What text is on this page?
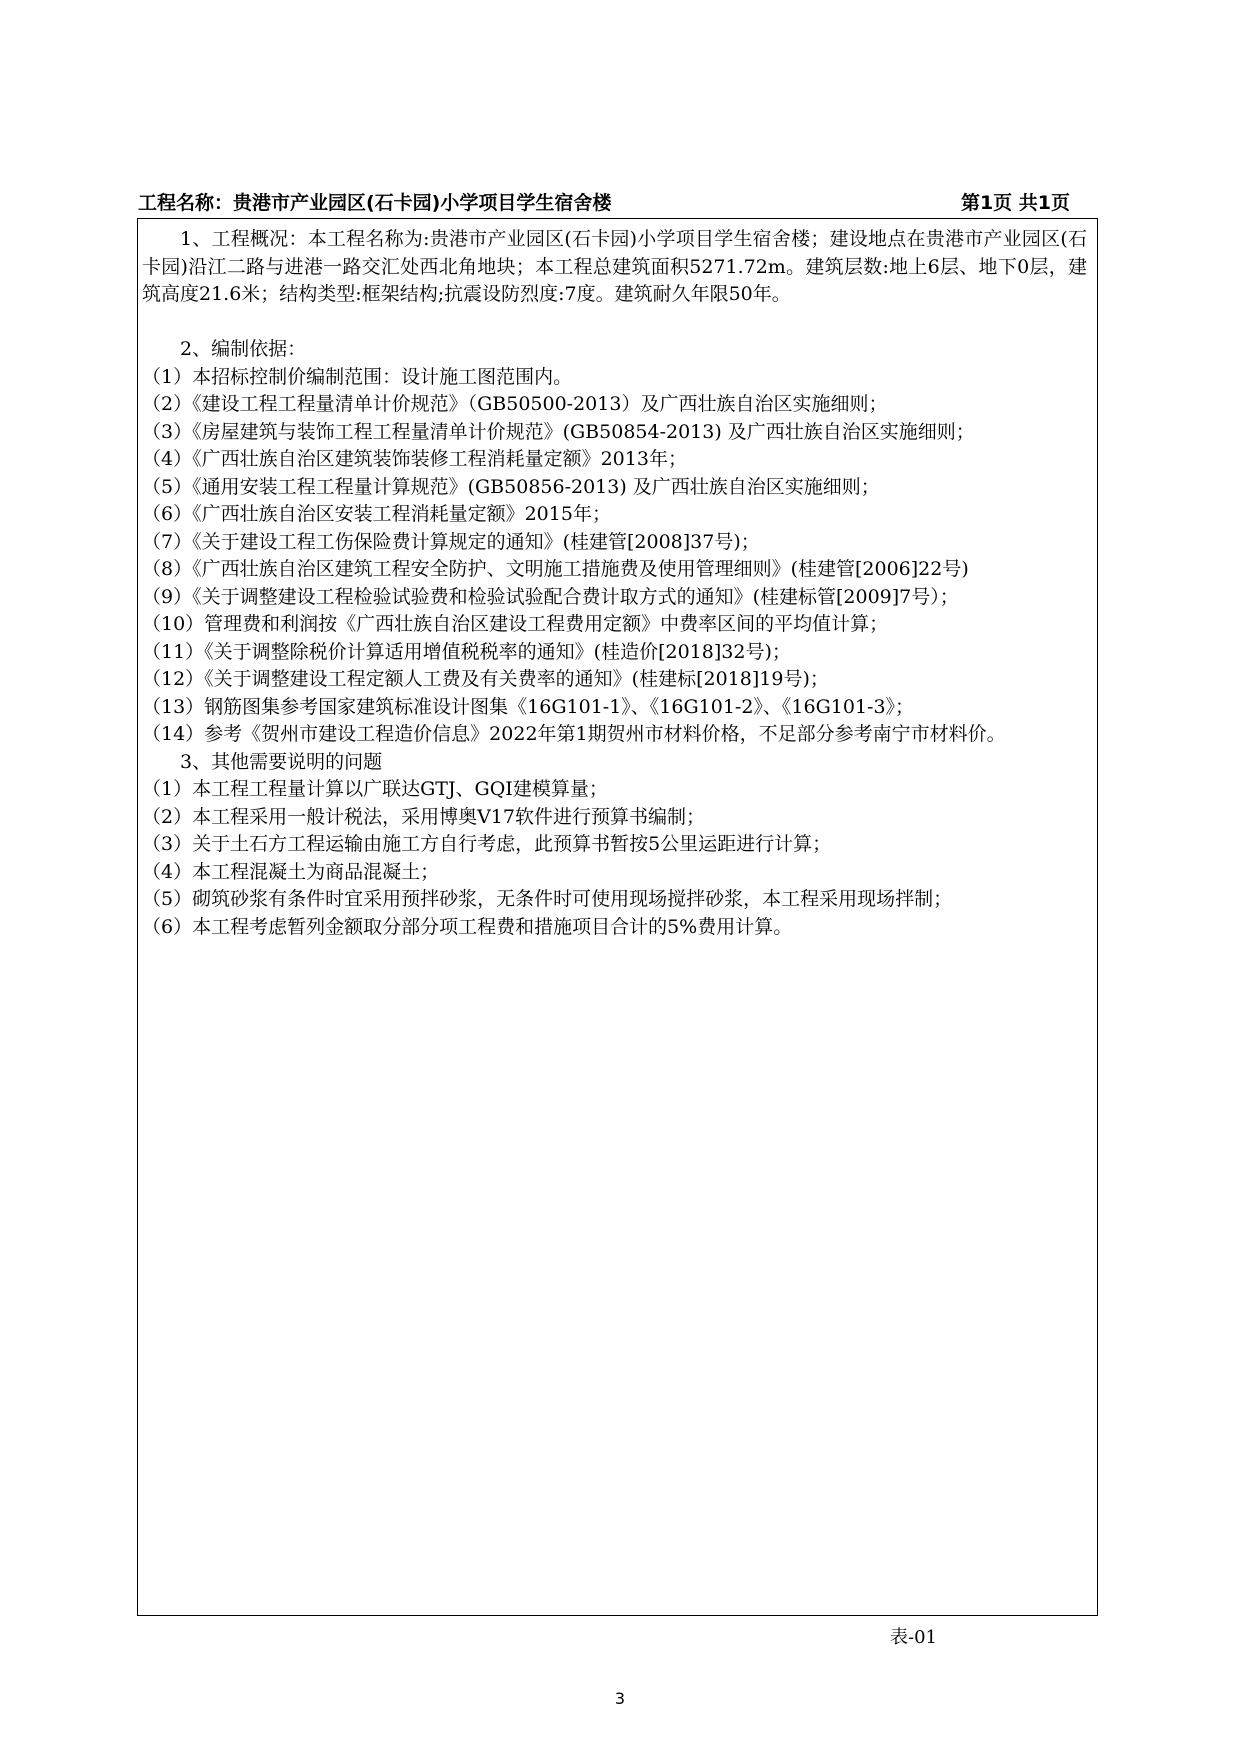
工程名称：贵港市产业园区(石卡园)小学项目学生宿舍楼	第1页 共1页

1、工程概况：本工程名称为:贵港市产业园区(石卡园)小学项目学生宿舍楼；建设地点在贵港市产业园区(石卡园)沿江二路与进港一路交汇处西北角地块；本工程总建筑面积5271.72m。建筑层数:地上6层、地下0层，建筑高度21.6米；结构类型:框架结构;抗震设防烈度:7度。建筑耐久年限50年。

2、编制依据：

（1）本招标控制价编制范围：设计施工图范围内。

（2）《建设工程工程量清单计价规范》（GB50500-2013）及广西壮族自治区实施细则；

（3）《房屋建筑与装饰工程工程量清单计价规范》(GB50854-2013) 及广西壮族自治区实施细则；

（4）《广西壮族自治区建筑装饰装修工程消耗量定额》2013年；

（5）《通用安装工程工程量计算规范》(GB50856-2013) 及广西壮族自治区实施细则；

（6）《广西壮族自治区安装工程消耗量定额》2015年；

（7）《关于建设工程工伤保险费计算规定的通知》(桂建管[2008]37号)；

（8）《广西壮族自治区建筑工程安全防护、文明施工措施费及使用管理细则》(桂建管[2006]22号)

（9）《关于调整建设工程检验试验费和检验试验配合费计取方式的通知》(桂建标管[2009]7号）；

（10）管理费和利润按《广西壮族自治区建设工程费用定额》中费率区间的平均值计算；

（11）《关于调整除税价计算适用增值税税率的通知》(桂造价[2018]32号)；

（12）《关于调整建设工程定额人工费及有关费率的通知》(桂建标[2018]19号)；

（13）钢筋图集参考国家建筑标准设计图集《16G101-1》、《16G101-2》、《16G101-3》；

（14）参考《贺州市建设工程造价信息》2022年第1期贺州市材料价格，不足部分参考南宁市材料价。

3、其他需要说明的问题

（1）本工程工程量计算以广联达GTJ、GQI建模算量；

（2）本工程采用一般计税法，采用博奥V17软件进行预算书编制；

（3）关于土石方工程运输由施工方自行考虑，此预算书暂按5公里运距进行计算；

（4）本工程混凝土为商品混凝土；

（5）砌筑砂浆有条件时宜采用预拌砂浆，无条件时可使用现场搅拌砂浆，本工程采用现场拌制；

（6）本工程考虑暂列金额取分部分项工程费和措施项目合计的5%费用计算。

表-01
3
